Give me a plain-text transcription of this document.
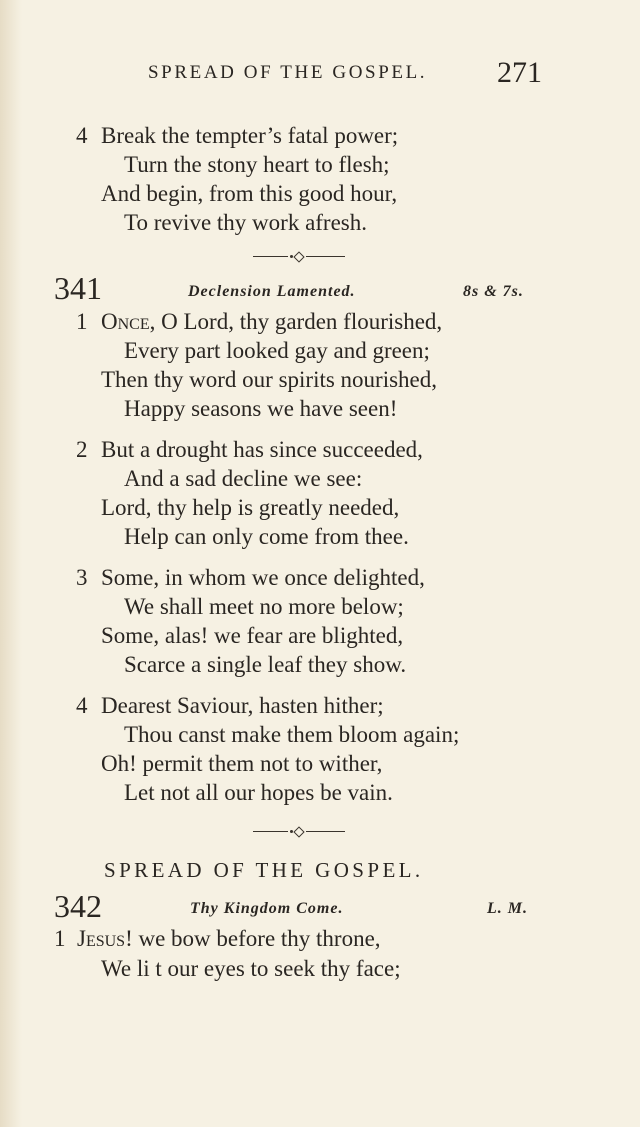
SPREAD OF THE GOSPEL. 271
4 Break the tempter’s fatal power;
Turn the stony heart to flesh;
And begin, from this good hour,
To revive thy work afresh.
341	Declension Lamented.	8s & 7s.
1 Once, O Lord, thy garden flourished,
Every part looked gay and green;
Then thy word our spirits nourished,
Happy seasons we have seen!
2 But a drought has since succeeded,
And a sad decline we see:
Lord, thy help is greatly needed,
Help can only come from thee.
3 Some, in whom we once delighted,
We shall meet no more below;
Some, alas! we fear are blighted,
Scarce a single leaf they show.
4 Dearest Saviour, hasten hither;
Thou canst make them bloom again;
Oh! permit them not to wither,
Let not all our hopes be vain.
SPREAD OF THE GOSPEL.
342	Thy Kingdom Come.	L. M.
1 Jesus! we bow before thy throne,
We li t our eyes to seek thy face;
